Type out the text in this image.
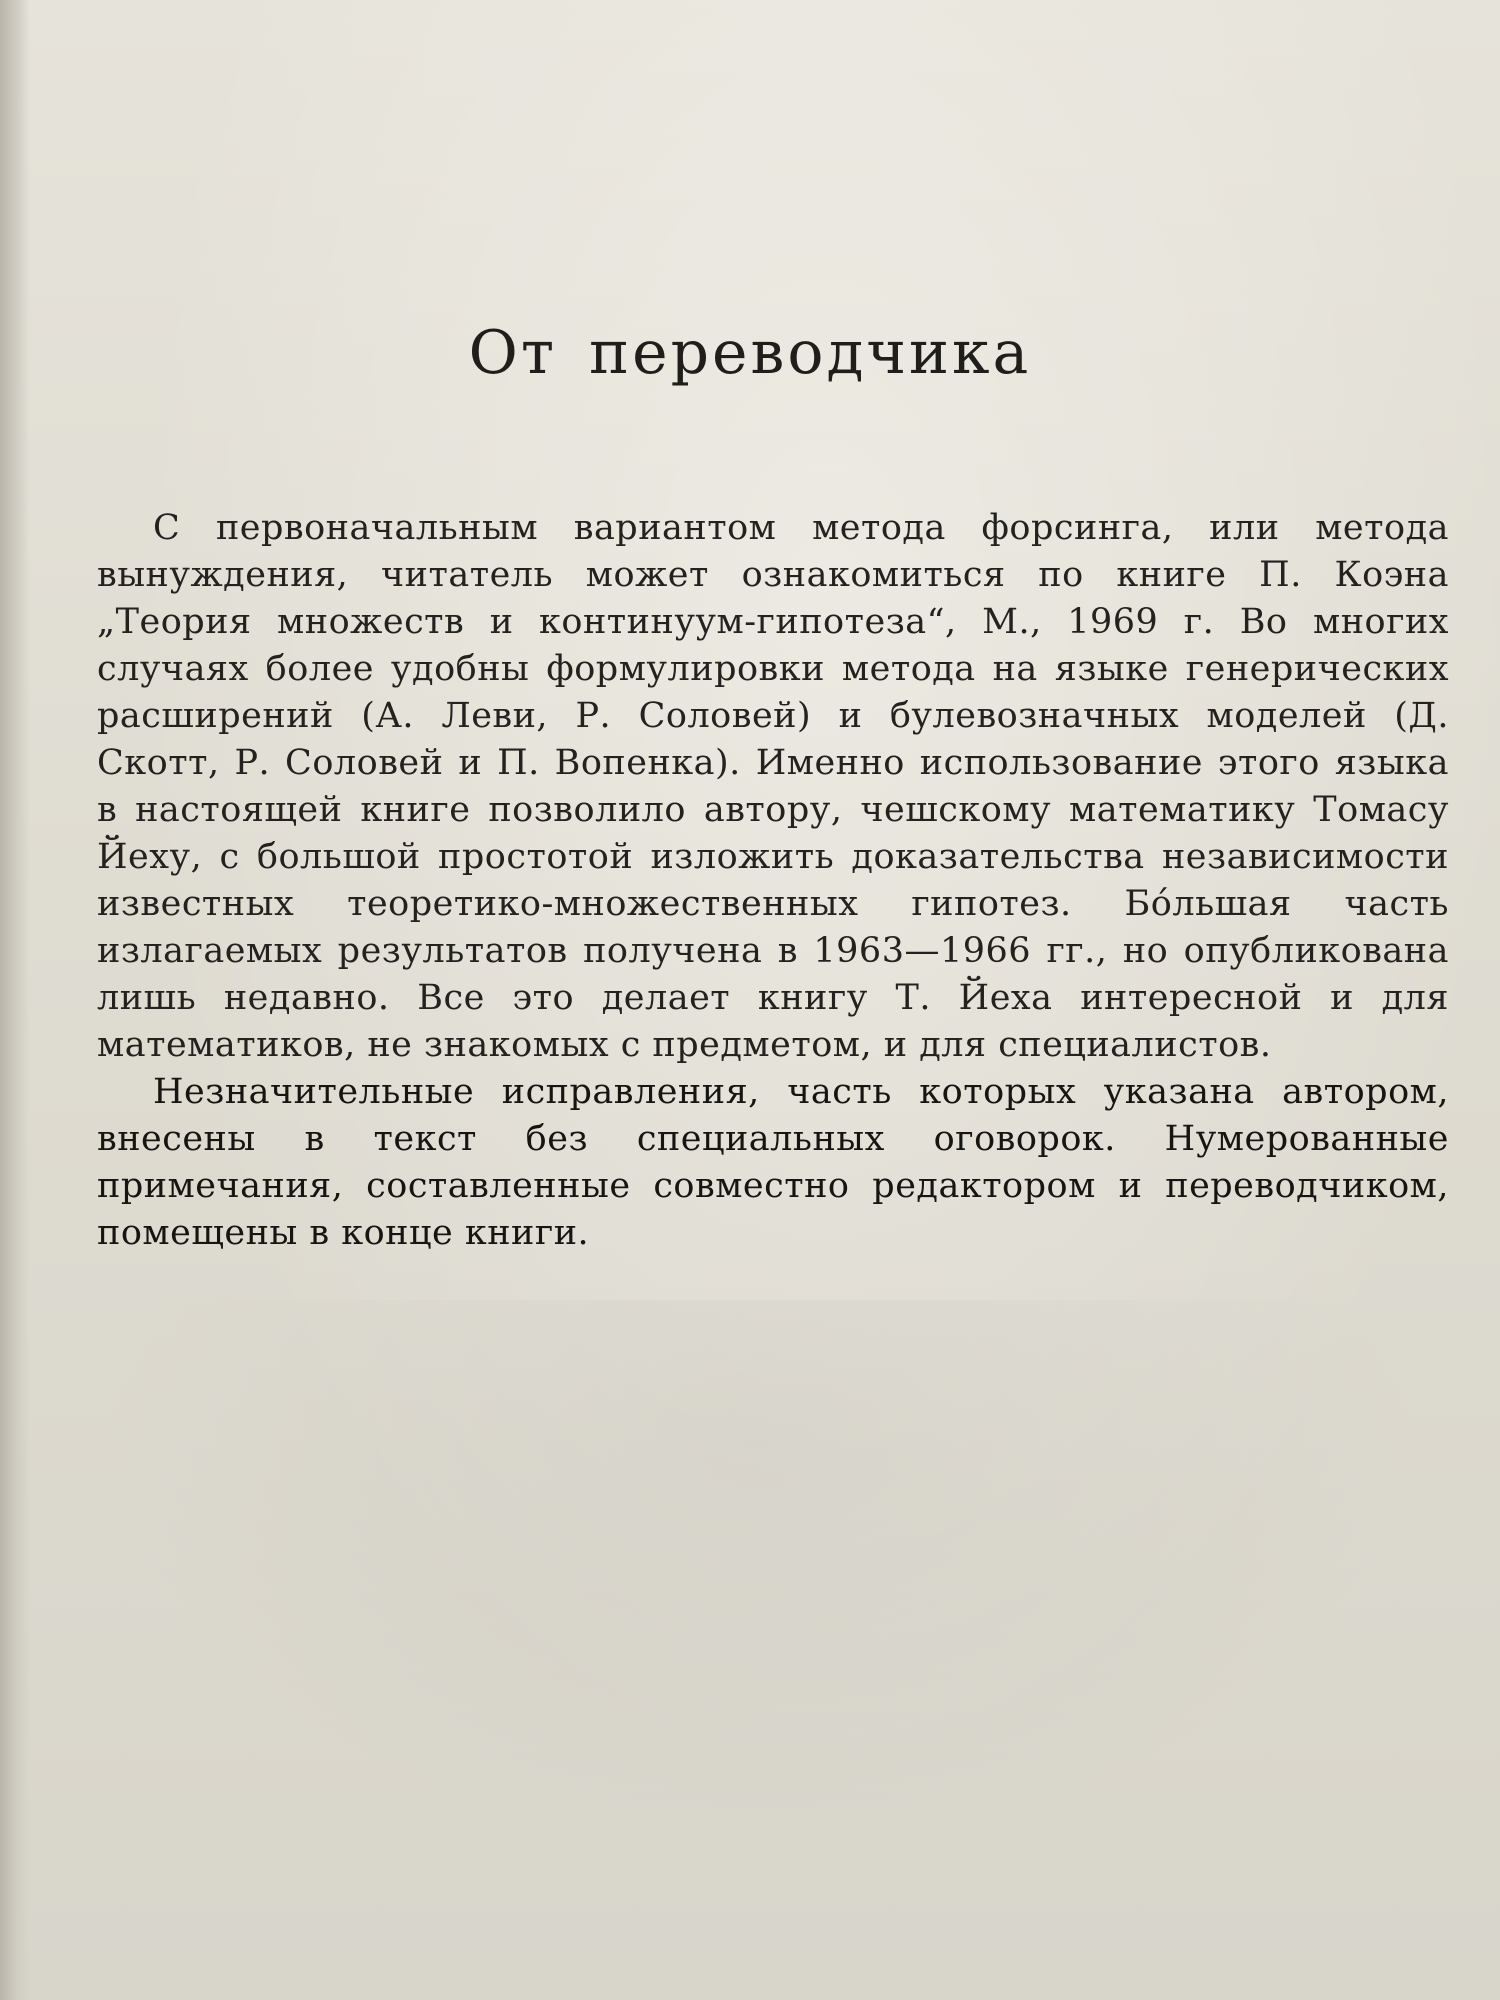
От переводчика

С первоначальным вариантом метода форсинга, или метода вынуждения, читатель может ознакомиться по книге П. Коэна „Теория множеств и континуум-гипотеза“, М., 1969 г. Во многих случаях более удобны формулировки метода на языке генерических расширений (А. Леви, Р. Соловей) и булевозначных моделей (Д. Скотт, Р. Соловей и П. Вопенка). Именно использование этого языка в настоящей книге позволило автору, чешскому математику Томасу Йеху, с большой простотой изложить доказательства независимости известных теоретико-множественных гипотез. Бóльшая часть излагаемых результатов получена в 1963—1966 гг., но опубликована лишь недавно. Все это делает книгу Т. Йеха интересной и для математиков, не знакомых с предметом, и для специалистов.

Незначительные исправления, часть которых указана автором, внесены в текст без специальных оговорок. Нумерованные примечания, составленные совместно редактором и переводчиком, помещены в конце книги.
